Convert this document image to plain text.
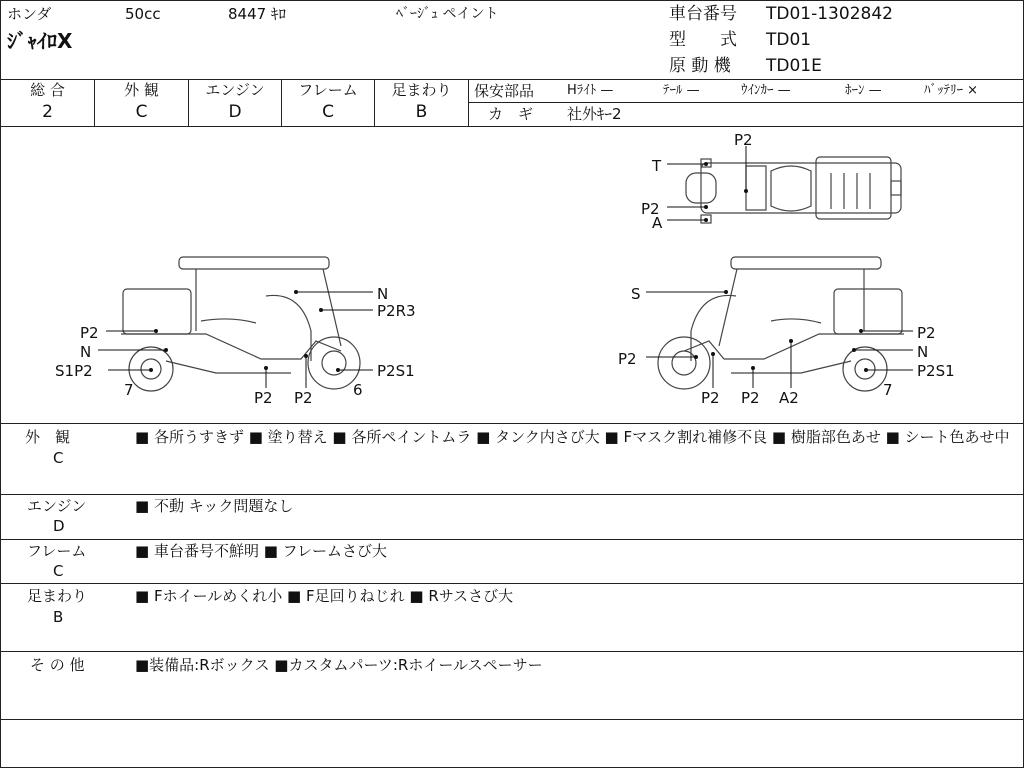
ホンダ	50cc	8447 ｷﾛ	ﾍﾞｰｼﾞｭ ペイント
ｼﾞｬｲﾛX
車台番号 TD01-1302842
型　　式 TD01
原 動 機 TD01E
総 合
2
外 観
C
エンジン
D
フレーム
C
足まわり
B
保安部品	Hﾗｲﾄ —	ﾃｰﾙ —	ｳｲﾝｶｰ —	ﾎｰﾝ —	ﾊﾞｯﾃﾘｰ ×
カ　ギ 社外ｷｰ2
P2
T
P2
A
N
P2R3
P2
N
S1P2
7	P2 P2	6
P2S1
S
P2
P2 P2 A2
P2
N
P2S1
7
外　観
C
■ 各所うすきず ■ 塗り替え ■ 各所ペイントムラ ■ タンク内さび大 ■ Fマスク割れ補修不良 ■ 樹脂部色あせ ■ シート色あせ中
エンジン
D
■ 不動 キック問題なし
フレーム
C
■ 車台番号不鮮明 ■ フレームさび大
足まわり
B
■ Fホイールめくれ小 ■ F足回りねじれ ■ Rサスさび大
そ の 他	■装備品:Rボックス ■カスタムパーツ:Rホイールスペーサー
